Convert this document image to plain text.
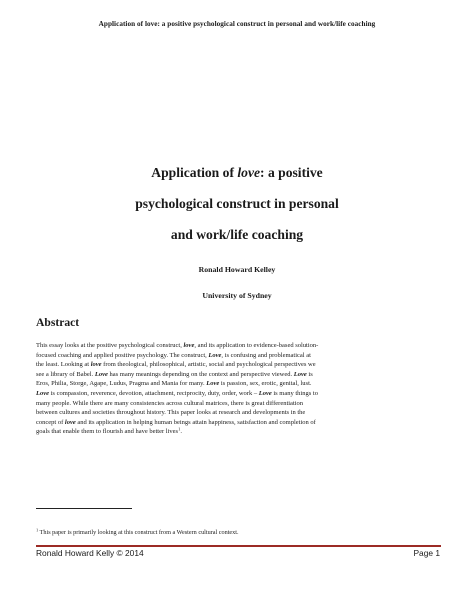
Application of love: a positive psychological construct in personal and work/life coaching
Application of love: a positive
psychological construct in personal
and work/life coaching
Ronald Howard Kelley
University of Sydney
Abstract
This essay looks at the positive psychological construct, love, and its application to evidence-based solution-
focused coaching and applied positive psychology. The construct, Love, is confusing and problematical at
the least. Looking at love from theological, philosophical, artistic, social and psychological perspectives we
see a library of Babel. Love has many meanings depending on the context and perspective viewed. Love is
Eros, Philia, Storge, Agape, Ludus, Pragma and Mania for many. Love is passion, sex, erotic, genital, lust.
Love is compassion, reverence, devotion, attachment, reciprocity, duty, order, work – Love is many things to
many people. While there are many consistencies across cultural matrices, there is great differentiation
between cultures and societies throughout history. This paper looks at research and developments in the
concept of love and its application in helping human beings attain happiness, satisfaction and completion of
goals that enable them to flourish and have better lives$^1$.
$^1$ This paper is primarily looking at this construct from a Western cultural context.
Ronald Howard Kelly © 2014	Page 1
